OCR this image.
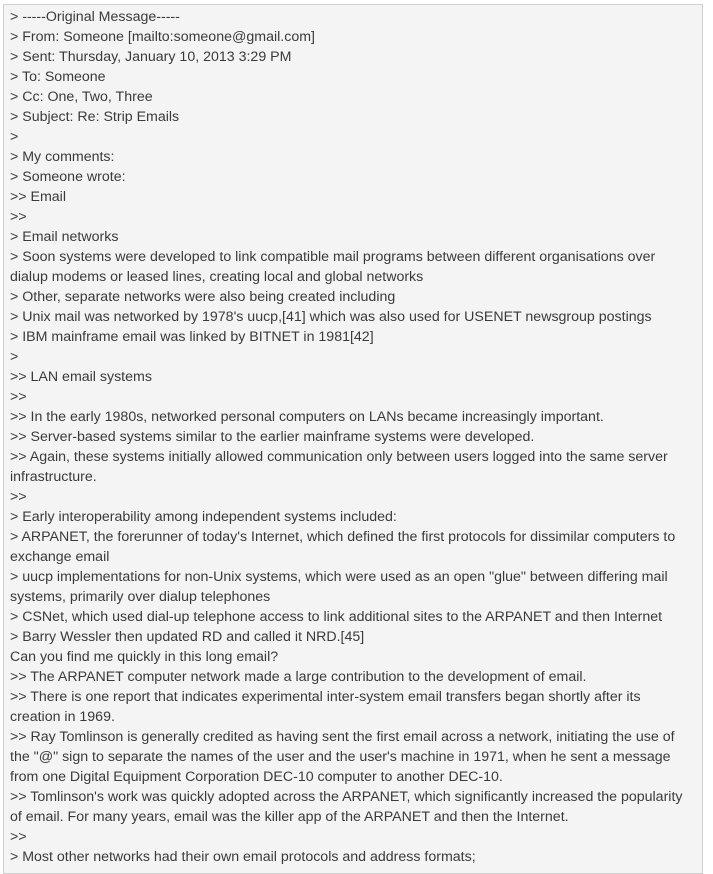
> -----Original Message-----

> From: Someone [mailto:someone@gmail.com]

> Sent: Thursday, January 10, 2013 3:29 PM

> To: Someone

> Cc: One, Two, Three

> Subject: Re: Strip Emails

>

> My comments:

> Someone wrote:

>> Email

>>

> Email networks

> Soon systems were developed to link compatible mail programs between different organisations over dialup modems or leased lines, creating local and global networks

> Other, separate networks were also being created including

> Unix mail was networked by 1978's uucp,[41] which was also used for USENET newsgroup postings

> IBM mainframe email was linked by BITNET in 1981[42]

>

>> LAN email systems

>>

>> In the early 1980s, networked personal computers on LANs became increasingly important.

>> Server-based systems similar to the earlier mainframe systems were developed.

>> Again, these systems initially allowed communication only between users logged into the same server infrastructure.

>>

> Early interoperability among independent systems included:

> ARPANET, the forerunner of today's Internet, which defined the first protocols for dissimilar computers to exchange email

> uucp implementations for non-Unix systems, which were used as an open "glue" between differing mail systems, primarily over dialup telephones

> CSNet, which used dial-up telephone access to link additional sites to the ARPANET and then Internet

> Barry Wessler then updated RD and called it NRD.[45]

Can you find me quickly in this long email?

>> The ARPANET computer network made a large contribution to the development of email.

>> There is one report that indicates experimental inter-system email transfers began shortly after its creation in 1969.

>> Ray Tomlinson is generally credited as having sent the first email across a network, initiating the use of the "@" sign to separate the names of the user and the user's machine in 1971, when he sent a message from one Digital Equipment Corporation DEC-10 computer to another DEC-10.

>> Tomlinson's work was quickly adopted across the ARPANET, which significantly increased the popularity of email. For many years, email was the killer app of the ARPANET and then the Internet.

>>

> Most other networks had their own email protocols and address formats;
